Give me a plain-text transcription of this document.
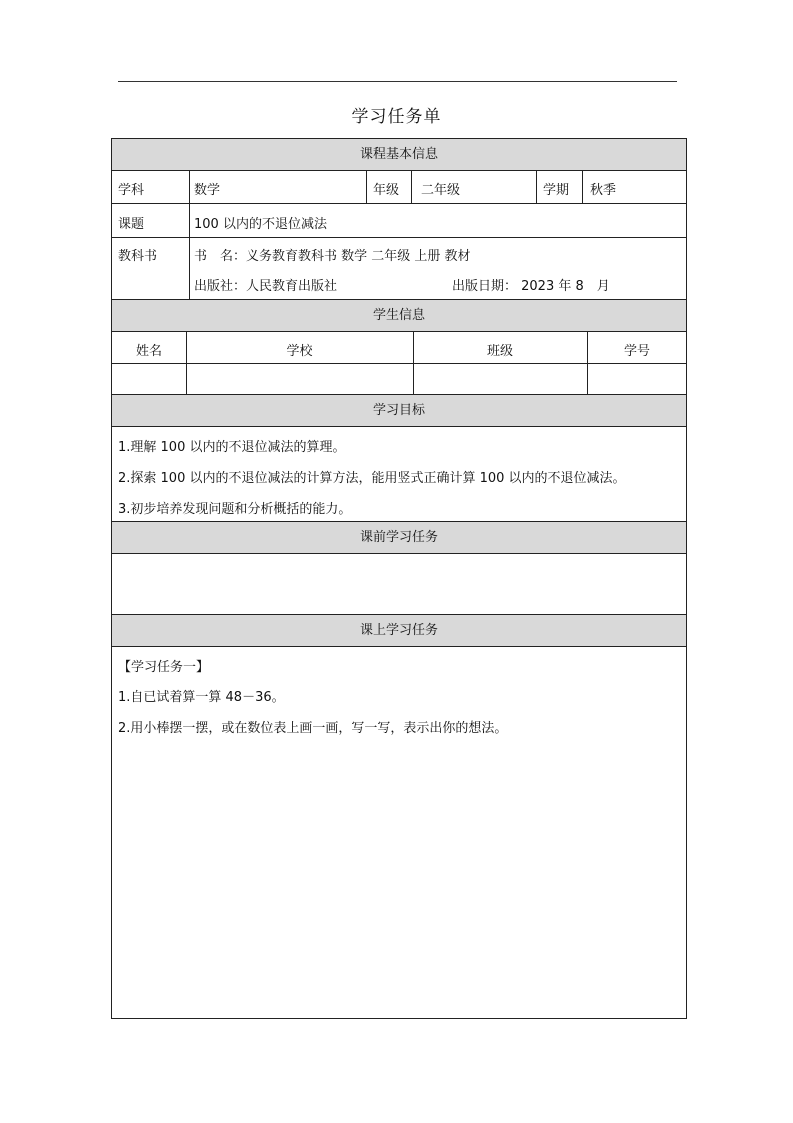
学习任务单
课程基本信息
学科	数学	年级 二年级	学期 秋季
课题	100 以内的不退位减法
教科书	书　名：义务教育教科书 数学 二年级 上册 教材
出版社：人民教育出版社	出版日期： 2023 年 8　月
学生信息
姓名	学校	班级	学号
学习目标
1.理解 100 以内的不退位减法的算理。
2.探索 100 以内的不退位减法的计算方法，能用竖式正确计算 100 以内的不退位减法。
3.初步培养发现问题和分析概括的能力。
课前学习任务
课上学习任务
【学习任务一】
1.自已试着算一算 48－36。
2.用小棒摆一摆，或在数位表上画一画，写一写，表示出你的想法。
